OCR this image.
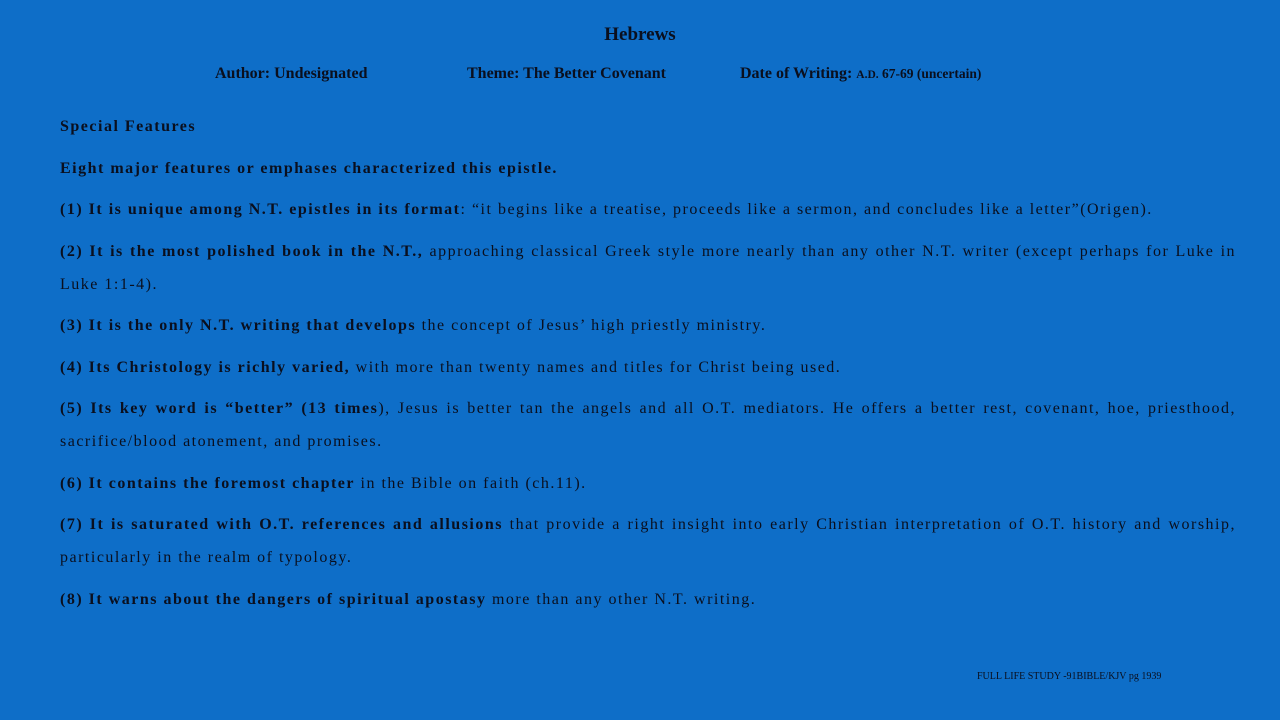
Hebrews
Author: Undesignated	Theme: The Better Covenant	Date of Writing: A.D. 67-69 (uncertain)

Special Features

Eight major features or emphases characterized this epistle.

(1) It is unique among N.T. epistles in its format: “it begins like a treatise, proceeds like a sermon, and concludes like a letter”(Origen).

(2) It is the most polished book in the N.T., approaching classical Greek style more nearly than any other N.T. writer (except perhaps for Luke in Luke 1:1-4).

(3) It is the only N.T. writing that develops the concept of Jesus’ high priestly ministry.

(4) Its Christology is richly varied, with more than twenty names and titles for Christ being used.

(5) Its key word is “better” (13 times), Jesus is better tan the angels and all O.T. mediators. He offers a better rest, covenant, hoe, priesthood, sacrifice/blood atonement, and promises.

(6) It contains the foremost chapter in the Bible on faith (ch.11).

(7) It is saturated with O.T. references and allusions that provide a right insight into early Christian interpretation of O.T. history and worship, particularly in the realm of typology.

(8) It warns about the dangers of spiritual apostasy more than any other N.T. writing.

FULL LIFE STUDY -91BIBLE/KJV pg 1939
